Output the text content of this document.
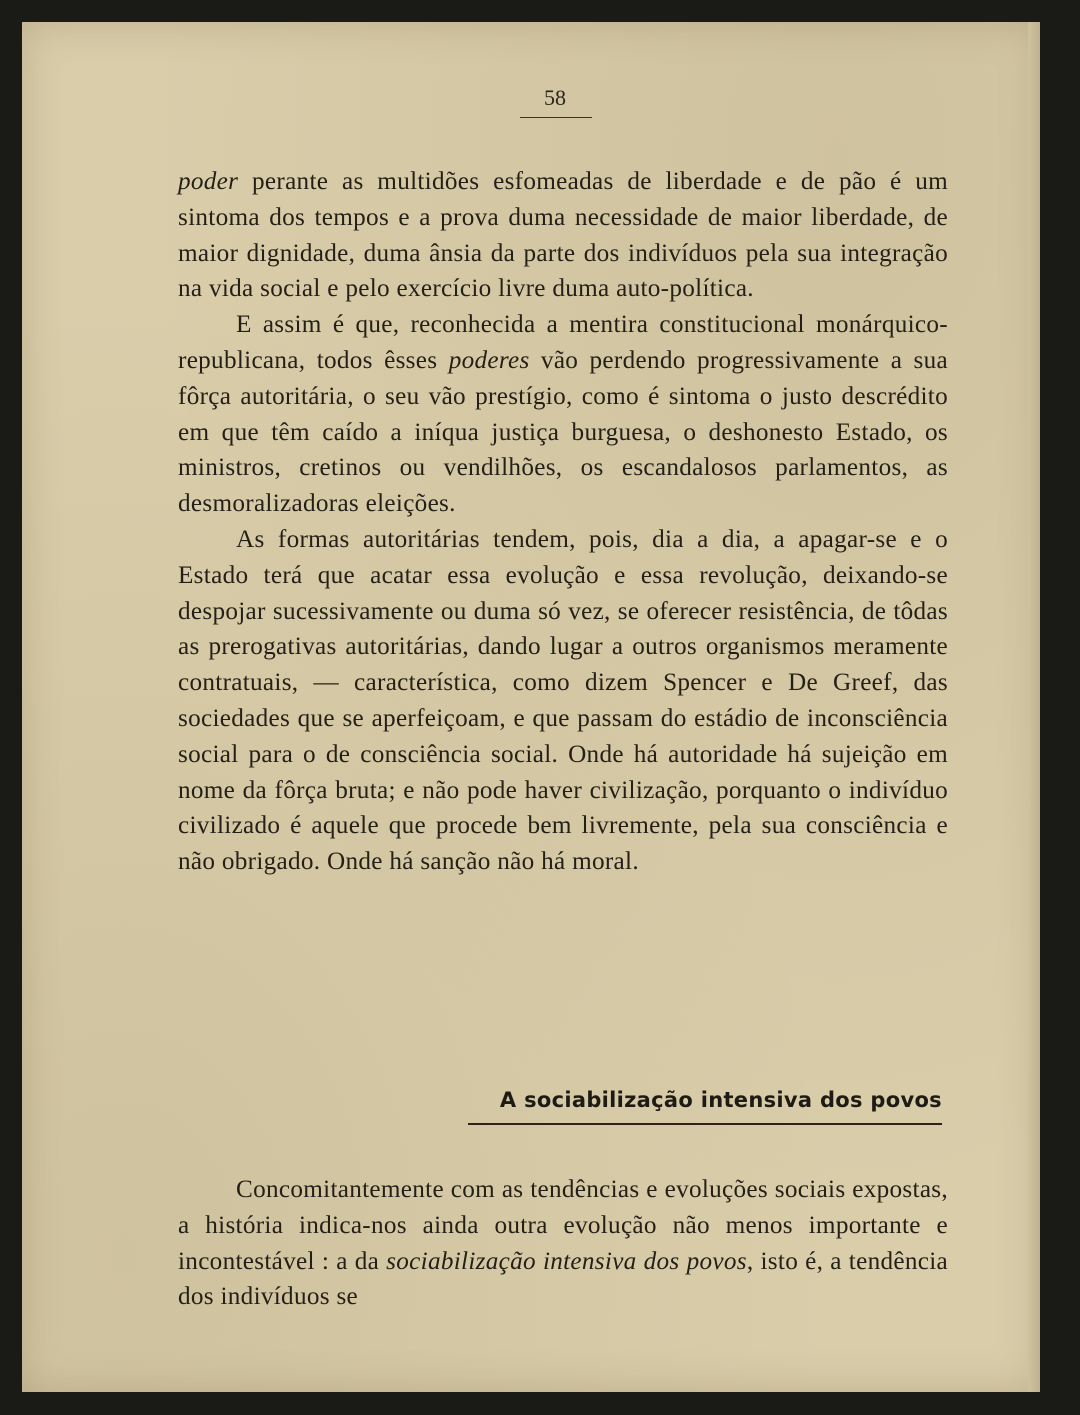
58

poder perante as multidões esfomeadas de liberdade e de pão é um sintoma dos tempos e a prova duma necessidade de maior liberdade, de maior dignidade, duma ânsia da parte dos indivíduos pela sua integração na vida social e pelo exercício livre duma auto-política.

E assim é que, reconhecida a mentira constitucional monárquico-republicana, todos êsses poderes vão perdendo progressivamente a sua fôrça autoritária, o seu vão prestígio, como é sintoma o justo descrédito em que têm caído a iníqua justiça burguesa, o deshonesto Estado, os ministros, cretinos ou vendilhões, os escandalosos parlamentos, as desmoralizadoras eleições.

As formas autoritárias tendem, pois, dia a dia, a apagar-se e o Estado terá que acatar essa evolução e essa revolução, deixando-se despojar sucessivamente ou duma só vez, se oferecer resistência, de tôdas as prerogativas autoritárias, dando lugar a outros organismos meramente contratuais, — característica, como dizem Spencer e De Greef, das sociedades que se aperfeiçoam, e que passam do estádio de inconsciência social para o de consciência social. Onde há autoridade há sujeição em nome da fôrça bruta; e não pode haver civilização, porquanto o indivíduo civilizado é aquele que procede bem livremente, pela sua consciência e não obrigado. Onde há sanção não há moral.

A sociabilização intensiva dos povos

Concomitantemente com as tendências e evoluções sociais expostas, a história indica-nos ainda outra evolução não menos importante e incontestável : a da sociabilização intensiva dos povos, isto é, a tendência dos indivíduos se
